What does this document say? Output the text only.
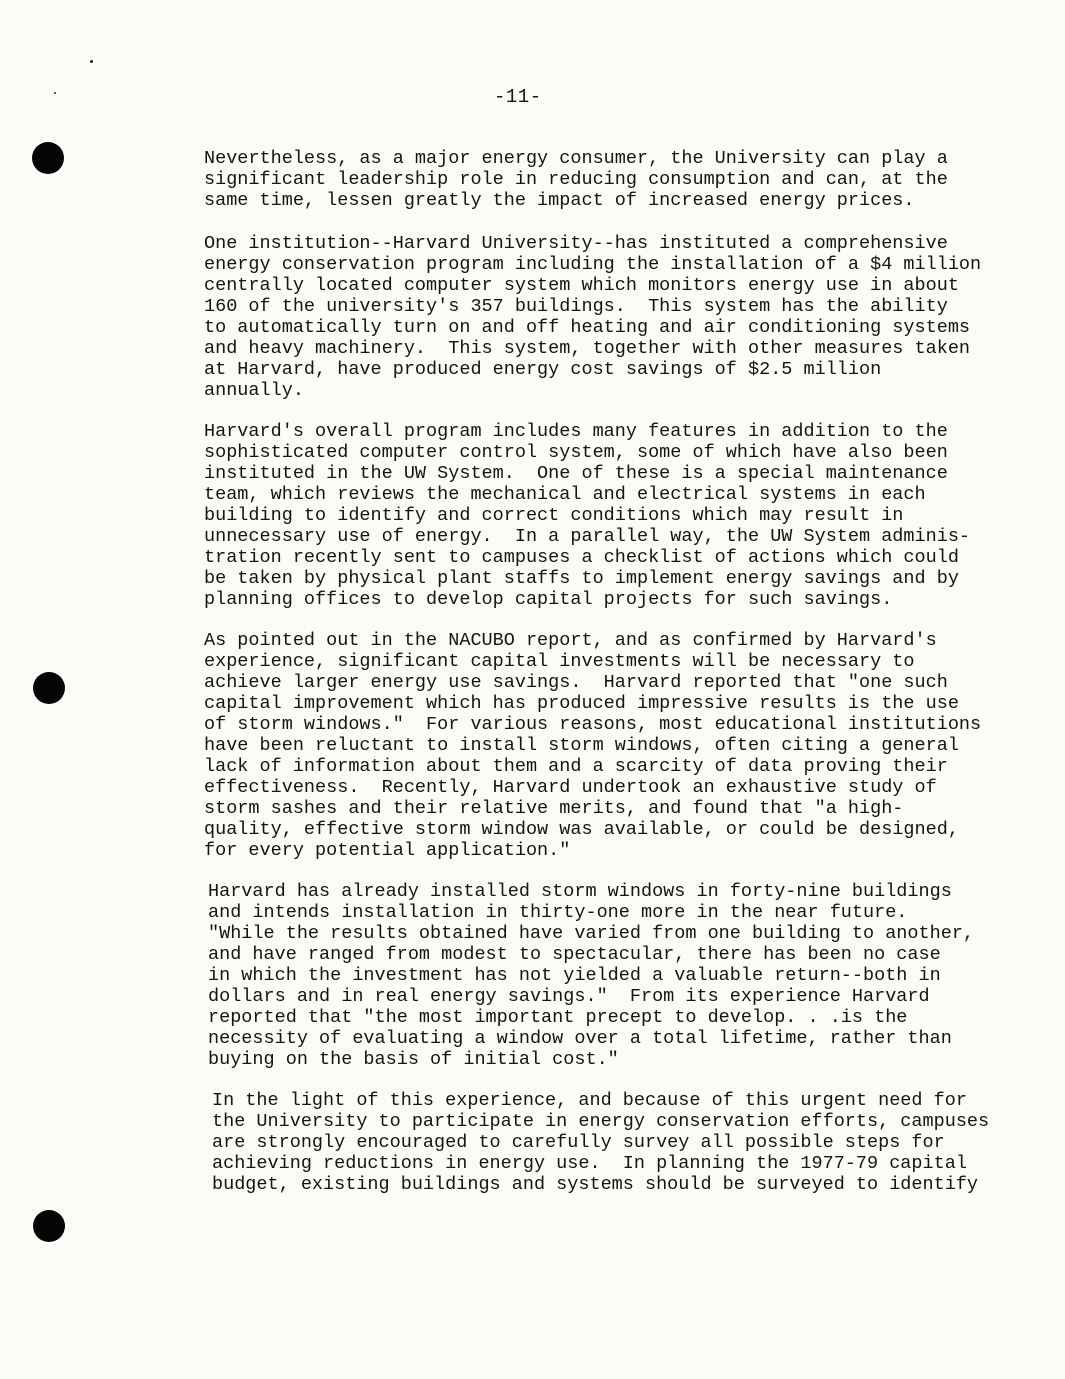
-11-
Nevertheless, as a major energy consumer, the University can play a
significant leadership role in reducing consumption and can, at the
same time, lessen greatly the impact of increased energy prices.
One institution--Harvard University--has instituted a comprehensive
energy conservation program including the installation of a $4 million
centrally located computer system which monitors energy use in about
160 of the university's 357 buildings.  This system has the ability
to automatically turn on and off heating and air conditioning systems
and heavy machinery.  This system, together with other measures taken
at Harvard, have produced energy cost savings of $2.5 million
annually.
Harvard's overall program includes many features in addition to the
sophisticated computer control system, some of which have also been
instituted in the UW System.  One of these is a special maintenance
team, which reviews the mechanical and electrical systems in each
building to identify and correct conditions which may result in
unnecessary use of energy.  In a parallel way, the UW System adminis-
tration recently sent to campuses a checklist of actions which could
be taken by physical plant staffs to implement energy savings and by
planning offices to develop capital projects for such savings.
As pointed out in the NACUBO report, and as confirmed by Harvard's
experience, significant capital investments will be necessary to
achieve larger energy use savings.  Harvard reported that "one such
capital improvement which has produced impressive results is the use
of storm windows."  For various reasons, most educational institutions
have been reluctant to install storm windows, often citing a general
lack of information about them and a scarcity of data proving their
effectiveness.  Recently, Harvard undertook an exhaustive study of
storm sashes and their relative merits, and found that "a high-
quality, effective storm window was available, or could be designed,
for every potential application."
Harvard has already installed storm windows in forty-nine buildings
and intends installation in thirty-one more in the near future.
"While the results obtained have varied from one building to another,
and have ranged from modest to spectacular, there has been no case
in which the investment has not yielded a valuable return--both in
dollars and in real energy savings."  From its experience Harvard
reported that "the most important precept to develop. . .is the
necessity of evaluating a window over a total lifetime, rather than
buying on the basis of initial cost."
In the light of this experience, and because of this urgent need for
the University to participate in energy conservation efforts, campuses
are strongly encouraged to carefully survey all possible steps for
achieving reductions in energy use.  In planning the 1977-79 capital
budget, existing buildings and systems should be surveyed to identify
